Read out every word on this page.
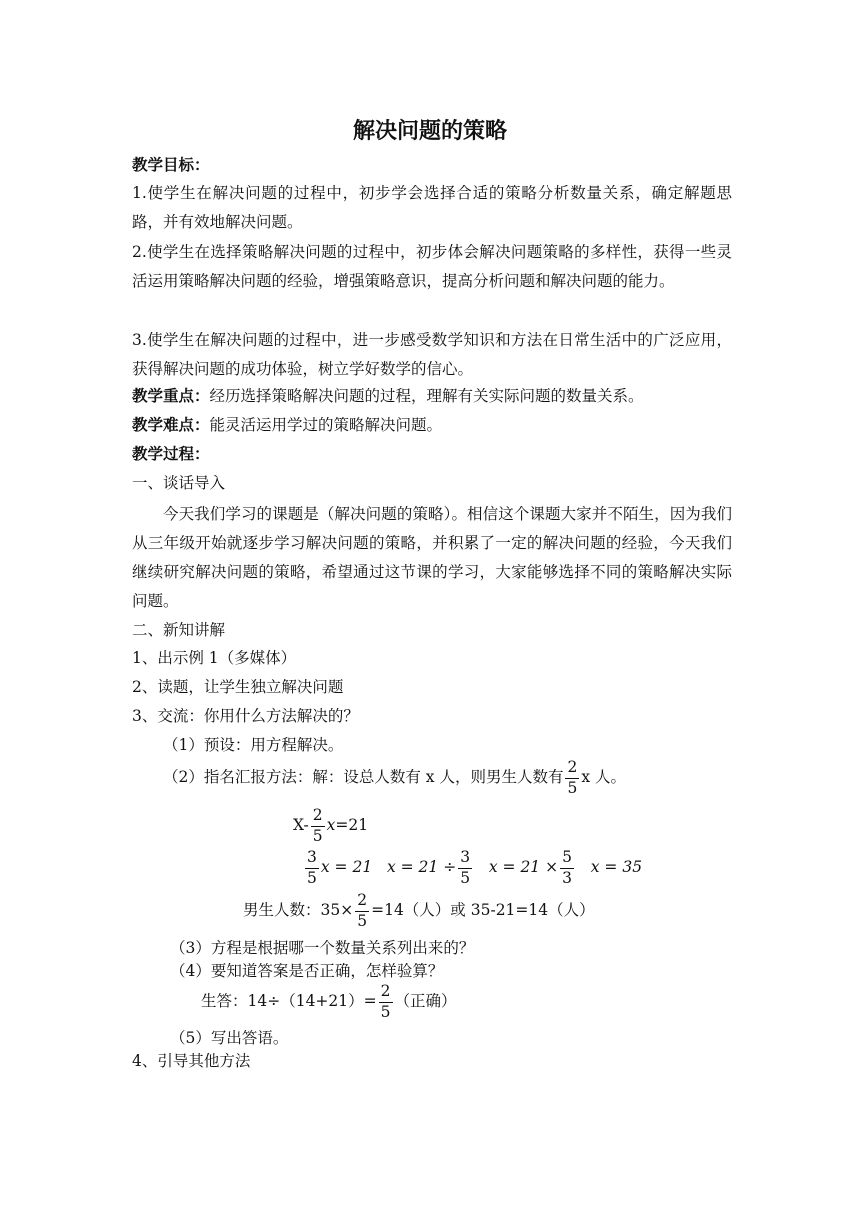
解决问题的策略
教学目标：
1.使学生在解决问题的过程中，初步学会选择合适的策略分析数量关系，确定解题思路，并有效地解决问题。
2.使学生在选择策略解决问题的过程中，初步体会解决问题策略的多样性，获得一些灵活运用策略解决问题的经验，增强策略意识，提高分析问题和解决问题的能力。
3.使学生在解决问题的过程中，进一步感受数学知识和方法在日常生活中的广泛应用，获得解决问题的成功体验，树立学好数学的信心。
教学重点：经历选择策略解决问题的过程，理解有关实际问题的数量关系。
教学难点：能灵活运用学过的策略解决问题。
教学过程：
一、谈话导入
今天我们学习的课题是（解决问题的策略）。相信这个课题大家并不陌生，因为我们从三年级开始就逐步学习解决问题的策略，并积累了一定的解决问题的经验，今天我们继续研究解决问题的策略，希望通过这节课的学习，大家能够选择不同的策略解决实际问题。
二、新知讲解
1、出示例 1（多媒体）
2、读题，让学生独立解决问题
3、交流：你用什么方法解决的？
（1）预设：用方程解决。
（2）指名汇报方法：解：设总人数有 x 人，则男生人数有 $\frac{2}{5}$ x 人。
$X- \frac{2}{5} x=21$
$\frac{3}{5}$ x = 21 $x = 21 \div \frac{3}{5}$ $x = 21 \times \frac{5}{3}$ x = 35
男生人数：$35\times \frac{2}{5} =14$（人）或 35-21=14（人）
（3）方程是根据哪一个数量关系列出来的？
（4）要知道答案是否正确，怎样验算？
生答：$14\div(14+21)= \frac{2}{5}$ （正确）
（5）写出答语。
4、引导其他方法
